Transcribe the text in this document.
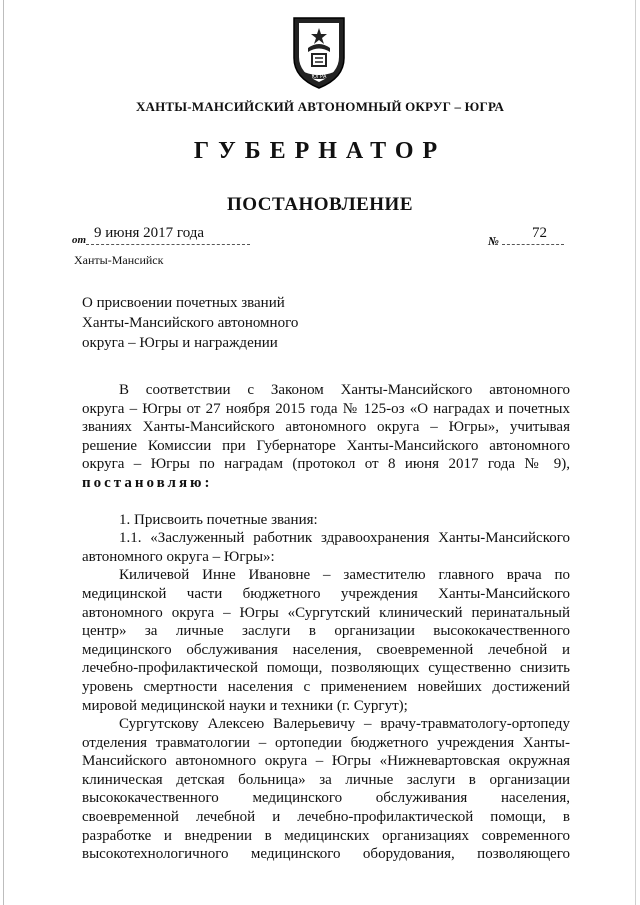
ЮГРА
ХАНТЫ-МАНСИЙСКИЙ АВТОНОМНЫЙ ОКРУГ – ЮГРА
ГУБЕРНАТОР
ПОСТАНОВЛЕНИЕ
от 9 июня 2017 года	№ 72
Ханты-Мансийск
О присвоении почетных званий
Ханты-Мансийского автономного
округа – Югры и награждении
В соответствии с Законом Ханты-Мансийского автономного
округа – Югры от 27 ноября 2015 года № 125-оз «О наградах и почетных
званиях Ханты-Мансийского автономного округа – Югры», учитывая
решение Комиссии при Губернаторе Ханты-Мансийского автономного
округа – Югры по наградам (протокол от 8 июня 2017 года № 9),
постановляю:
1. Присвоить почетные звания:
1.1. «Заслуженный работник здравоохранения Ханты-Мансийского
автономного округа – Югры»:
Киличевой Инне Ивановне – заместителю главного врача по
медицинской части бюджетного учреждения Ханты-Мансийского
автономного округа – Югры «Сургутский клинический перинатальный
центр» за личные заслуги в организации высококачественного
медицинского обслуживания населения, своевременной лечебной и
лечебно-профилактической помощи, позволяющих существенно снизить
уровень смертности населения с применением новейших достижений
мировой медицинской науки и техники (г. Сургут);
Сургутскову Алексею Валерьевичу – врачу-травматологу-ортопеду
отделения травматологии – ортопедии бюджетного учреждения Ханты-
Мансийского автономного округа – Югры «Нижневартовская окружная
клиническая детская больница» за личные заслуги в организации
высококачественного медицинского обслуживания населения,
своевременной лечебной и лечебно-профилактической помощи, в
разработке и внедрении в медицинских организациях современного
высокотехнологичного медицинского оборудования, позволяющего
